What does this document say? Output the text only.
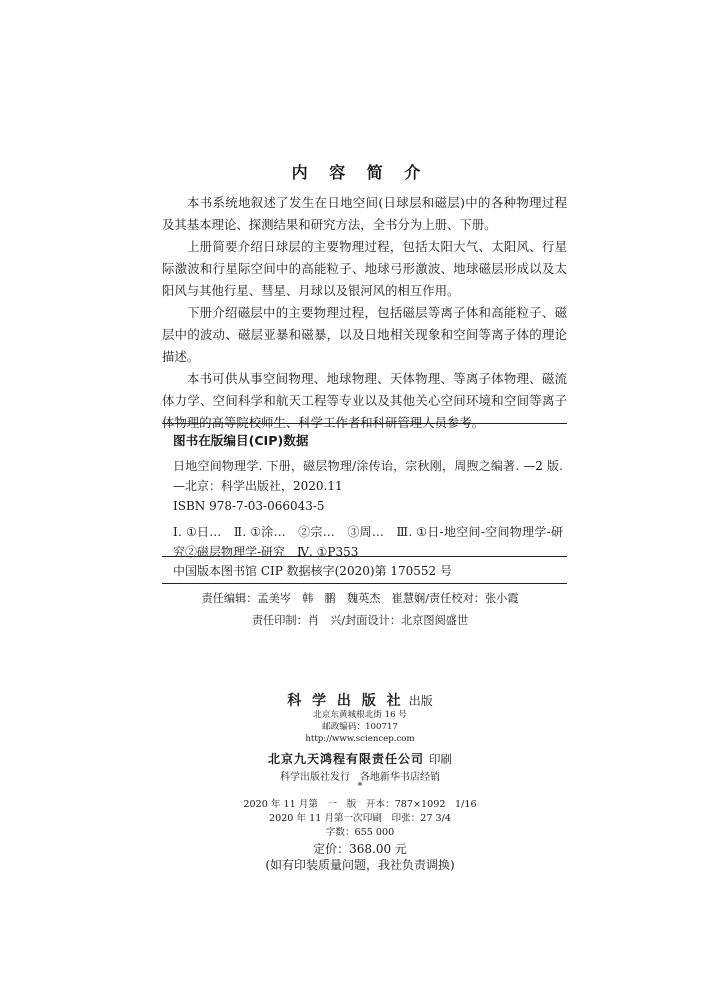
内 容 简 介
本书系统地叙述了发生在日地空间(日球层和磁层)中的各种物理过程及其基本理论、探测结果和研究方法，全书分为上册、下册。
上册简要介绍日球层的主要物理过程，包括太阳大气、太阳风、行星际激波和行星际空间中的高能粒子、地球弓形激波、地球磁层形成以及太阳风与其他行星、彗星、月球以及银河风的相互作用。
下册介绍磁层中的主要物理过程，包括磁层等离子体和高能粒子、磁层中的波动、磁层亚暴和磁暴，以及日地相关现象和空间等离子体的理论描述。
本书可供从事空间物理、地球物理、天体物理、等离子体物理、磁流体力学、空间科学和航天工程等专业以及其他关心空间环境和空间等离子体物理的高等院校师生、科学工作者和科研管理人员参考。
图书在版编目(CIP)数据
日地空间物理学. 下册，磁层物理/涂传诒，宗秋刚，周煦之编著. —2 版. —北京：科学出版社，2020.11
ISBN 978-7-03-066043-5
Ⅰ. ①日…　Ⅱ. ①涂…　②宗…　③周…　Ⅲ. ①日-地空间-空间物理学-研究②磁层物理学-研究　Ⅳ. ①P353
中国版本图书馆 CIP 数据核字(2020)第 170552 号
责任编辑：孟美岑　韩　鹏　魏英杰　崔慧娴/责任校对：张小霞
责任印制：肖　兴/封面设计：北京图阅盛世
科 学 出 版 社 出版
北京东黄城根北街 16 号
邮政编码：100717
http://www.sciencep.com
北京九天鸿程有限责任公司 印刷
科学出版社发行　各地新华书店经销
*
2020 年 11 月第　一　版　开本：787×1092　1/16
2020 年 11 月第一次印刷　印张：27 3/4
字数：655 000
定价：368.00 元
(如有印装质量问题，我社负责调换)
